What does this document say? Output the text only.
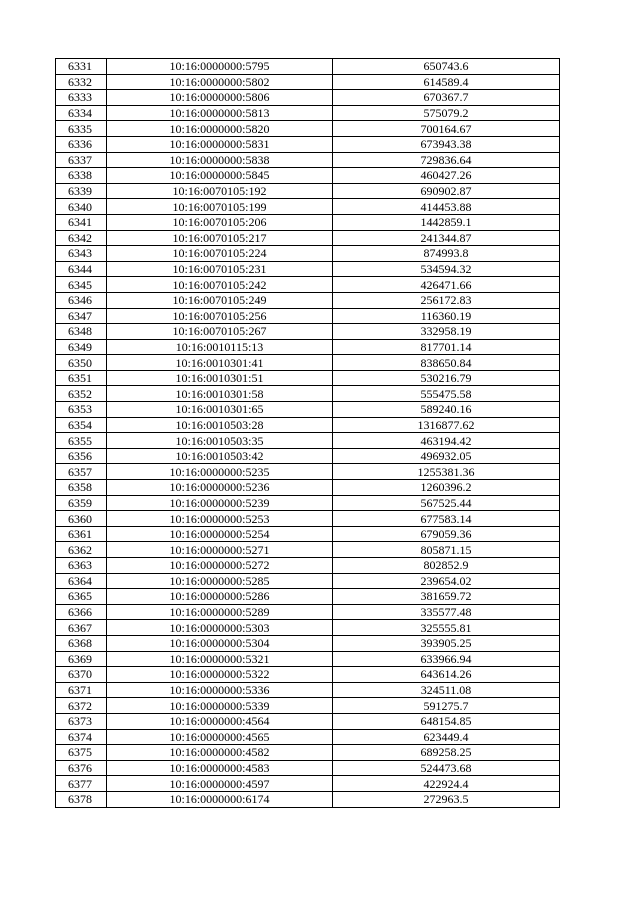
6331	10:16:0000000:5795	650743.6
6332	10:16:0000000:5802	614589.4
6333	10:16:0000000:5806	670367.7
6334	10:16:0000000:5813	575079.2
6335	10:16:0000000:5820	700164.67
6336	10:16:0000000:5831	673943.38
6337	10:16:0000000:5838	729836.64
6338	10:16:0000000:5845	460427.26
6339	10:16:0070105:192	690902.87
6340	10:16:0070105:199	414453.88
6341	10:16:0070105:206	1442859.1
6342	10:16:0070105:217	241344.87
6343	10:16:0070105:224	874993.8
6344	10:16:0070105:231	534594.32
6345	10:16:0070105:242	426471.66
6346	10:16:0070105:249	256172.83
6347	10:16:0070105:256	116360.19
6348	10:16:0070105:267	332958.19
6349	10:16:0010115:13	817701.14
6350	10:16:0010301:41	838650.84
6351	10:16:0010301:51	530216.79
6352	10:16:0010301:58	555475.58
6353	10:16:0010301:65	589240.16
6354	10:16:0010503:28	1316877.62
6355	10:16:0010503:35	463194.42
6356	10:16:0010503:42	496932.05
6357	10:16:0000000:5235	1255381.36
6358	10:16:0000000:5236	1260396.2
6359	10:16:0000000:5239	567525.44
6360	10:16:0000000:5253	677583.14
6361	10:16:0000000:5254	679059.36
6362	10:16:0000000:5271	805871.15
6363	10:16:0000000:5272	802852.9
6364	10:16:0000000:5285	239654.02
6365	10:16:0000000:5286	381659.72
6366	10:16:0000000:5289	335577.48
6367	10:16:0000000:5303	325555.81
6368	10:16:0000000:5304	393905.25
6369	10:16:0000000:5321	633966.94
6370	10:16:0000000:5322	643614.26
6371	10:16:0000000:5336	324511.08
6372	10:16:0000000:5339	591275.7
6373	10:16:0000000:4564	648154.85
6374	10:16:0000000:4565	623449.4
6375	10:16:0000000:4582	689258.25
6376	10:16:0000000:4583	524473.68
6377	10:16:0000000:4597	422924.4
6378	10:16:0000000:6174	272963.5
